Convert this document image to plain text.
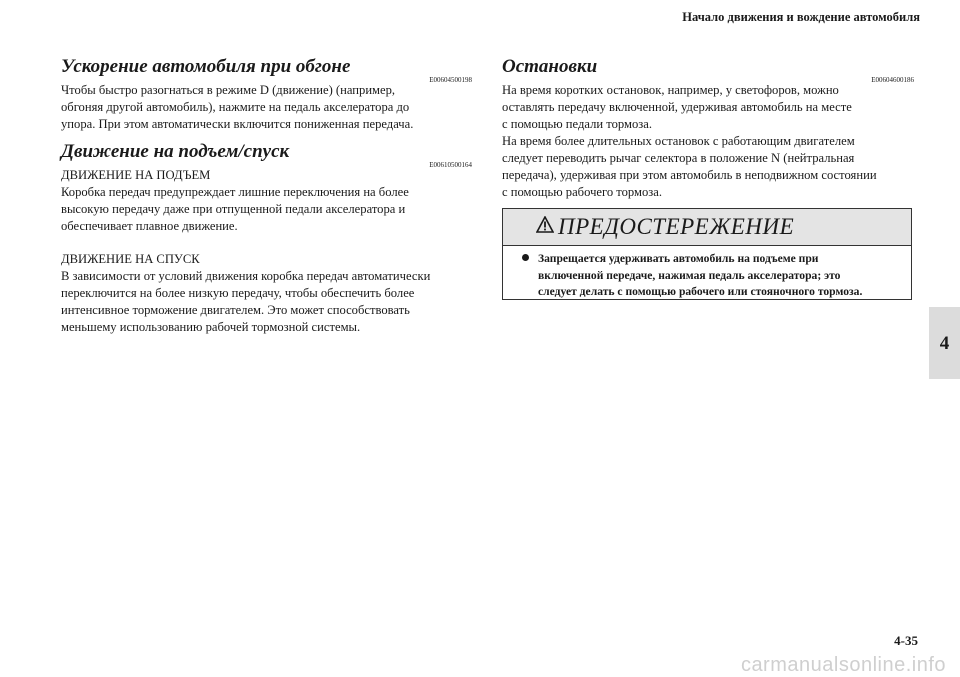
Начало движения и вождение автомобиля
Ускорение автомобиля при обгоне
E00604500198
Чтобы быстро разогнаться в режиме D (движение) (например,
обгоняя другой автомобиль), нажмите на педаль акселератора до
упора. При этом автоматически включится пониженная передача.
Движение на подъем/спуск
E00610500164
ДВИЖЕНИЕ НА ПОДЪЕМ
Коробка передач предупреждает лишние переключения на более
высокую передачу даже при отпущенной педали акселератора и
обеспечивает плавное движение.
ДВИЖЕНИЕ НА СПУСК
В зависимости от условий движения коробка передач автоматически
переключится на более низкую передачу, чтобы обеспечить более
интенсивное торможение двигателем. Это может способствовать
меньшему использованию рабочей тормозной системы.
Остановки
E00604600186
На время коротких остановок, например, у светофоров, можно
оставлять передачу включенной, удерживая автомобиль на месте
с помощью педали тормоза.
На время более длительных остановок с работающим двигателем
следует переводить рычаг селектора в положение N (нейтральная
передача), удерживая при этом автомобиль в неподвижном состоянии
с помощью рабочего тормоза.
ПРЕДОСТЕРЕЖЕНИЕ
Запрещается удерживать автомобиль на подъеме при
включенной передаче, нажимая педаль акселератора; это
следует делать с помощью рабочего или стояночного тормоза.
4
4-35
carmanualsonline.info
